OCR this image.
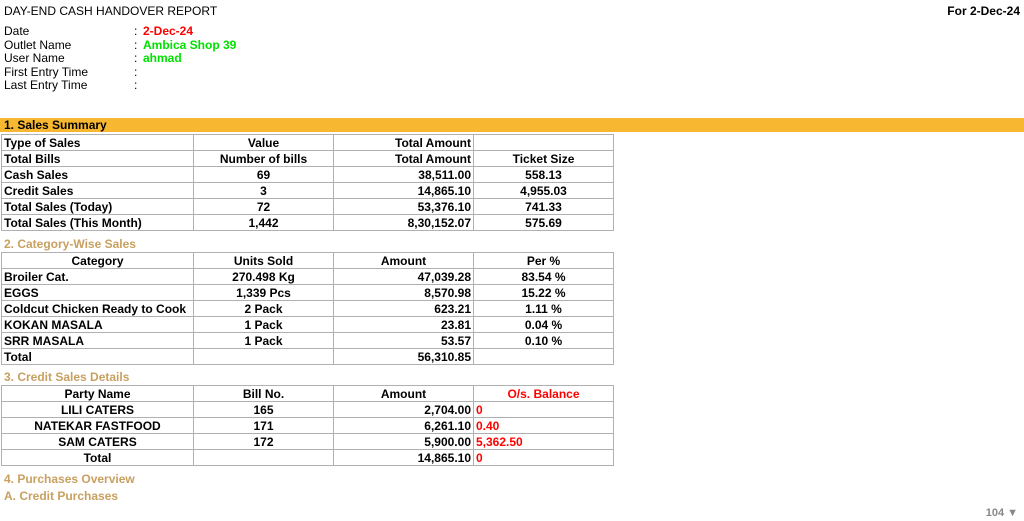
DAY-END CASH HANDOVER REPORT	For 2-Dec-24
Date	: 2-Dec-24
Outlet Name	: Ambica Shop 39
User Name	: ahmad
First Entry Time	:
Last Entry Time	:
1. Sales Summary
Type of Sales	Value	Total Amount	
Total Bills	Number of bills	Total Amount	Ticket Size
Cash Sales	69	38,511.00	558.13
Credit Sales	3	14,865.10	4,955.03
Total Sales (Today)	72	53,376.10	741.33
Total Sales (This Month)	1,442	8,30,152.07	575.69
2. Category-Wise Sales
Category	Units Sold	Amount	Per %
Broiler Cat.	270.498 Kg	47,039.28	83.54 %
EGGS	1,339 Pcs	8,570.98	15.22 %
Coldcut Chicken Ready to Cook	2 Pack	623.21	1.11 %
KOKAN MASALA	1 Pack	23.81	0.04 %
SRR MASALA	1 Pack	53.57	0.10 %
Total		56,310.85	
3. Credit Sales Details
Party Name	Bill No.	Amount	O/s. Balance
LILI CATERS	165	2,704.00	0
NATEKAR FASTFOOD	171	6,261.10	0.40
SAM CATERS	172	5,900.00	5,362.50
Total		14,865.10	0
4. Purchases Overview
A. Credit Purchases
104 ▼
